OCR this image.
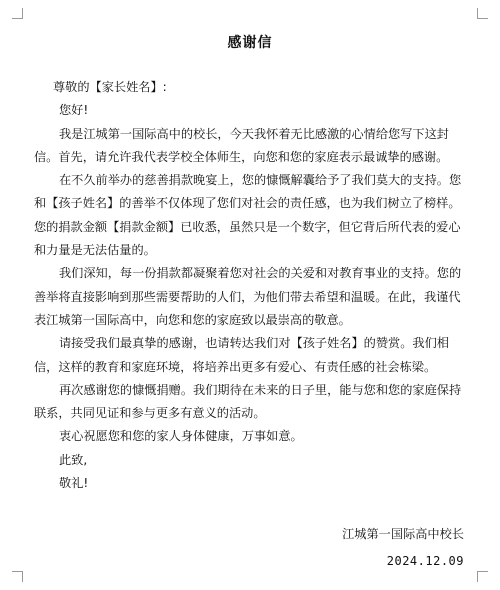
感谢信

尊敬的【家长姓名】:

您好!

我是江城第一国际高中的校长，今天我怀着无比感激的心情给您写下这封信。首先，请允许我代表学校全体师生，向您和您的家庭表示最诚挚的感谢。

在不久前举办的慈善捐款晚宴上，您的慷慨解囊给予了我们莫大的支持。您和【孩子姓名】的善举不仅体现了您们对社会的责任感，也为我们树立了榜样。您的捐款金额【捐款金额】已收悉，虽然只是一个数字，但它背后所代表的爱心和力量是无法估量的。

我们深知，每一份捐款都凝聚着您对社会的关爱和对教育事业的支持。您的善举将直接影响到那些需要帮助的人们，为他们带去希望和温暖。在此，我谨代表江城第一国际高中，向您和您的家庭致以最崇高的敬意。

请接受我们最真挚的感谢，也请转达我们对【孩子姓名】的赞赏。我们相信，这样的教育和家庭环境，将培养出更多有爱心、有责任感的社会栋梁。

再次感谢您的慷慨捐赠。我们期待在未来的日子里，能与您和您的家庭保持联系，共同见证和参与更多有意义的活动。

衷心祝愿您和您的家人身体健康，万事如意。

此致,

敬礼!

江城第一国际高中校长
2024.12.09
